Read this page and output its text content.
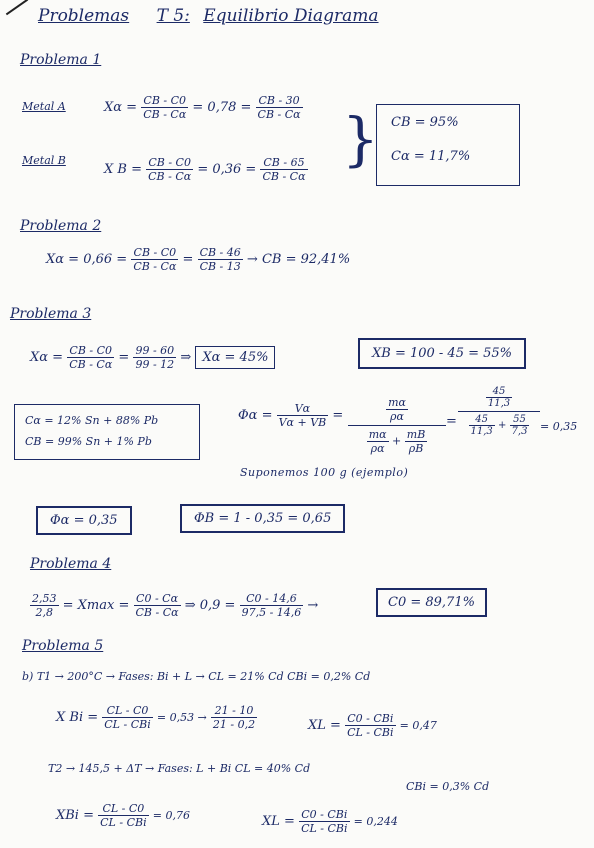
Problemas T 5: Equilibrio Diagrama
Problema 1
Metal A	$X\alpha = \frac{CB - C0}{CB - C\alpha} = 0,78 = \frac{CB - 30}{CB - C\alpha}$
Metal B
X $B = \frac{CB - C0}{CB - C\alpha} = 0,36 = \frac{CB - 65}{CB - C\alpha}$ } CB = 95%
Cα = 11,7%
Problema 2
$X\alpha = 0,66 = \frac{CB - C0}{CB - C\alpha} = \frac{CB - 46}{CB - 13}$ → CB = 92,41%
Problema 3
$X\alpha = \frac{CB - C0}{CB - C\alpha} = \frac{99 - 60}{99 - 12}$ ⇒ Xα = 45%	XB = 100 - 45 = 55%
Cα = 12% Sn + 88% Pb
CB = 99% Sn + 1% Pb
$\Phi\alpha = \frac{V\alpha}{V\alpha + VB}$ =	$\frac{m\alpha}{\rho\alpha}$
$\frac{m\alpha}{\rho\alpha} + \frac{mB}{\rho B}$
= $\frac{\frac{45}{11,3}}{\frac{45}{11,3} + \frac{55}{7,3}} = 0,35$
Suponemos 100 g (ejemplo)
Φα = 0,35	ΦB = 1 - 0,35 = 0,65
Problema 4
$\frac{2,53}{2,8} = Xmax = \frac{C0 - C\alpha}{CB - C\alpha}$ ⇒ $0,9 = \frac{C0 - 14,6}{97,5 - 14,6}$ →	C0 = 89,71%
Problema 5
b) T1 → 200°C → Fases: Bi + L → CL = 21% Cd CBi = 0,2% Cd
X $Bi = \frac{CL - C0}{\text{CL - CBi}} = 0,53 \to \frac{21 - 10}{21 - 0,2}$	XL = $\frac{\text{C0 - CBi}}{\text{CL - CBi}} = 0,47$
T2 → 145,5 + ΔT → Fases: L + Bi CL = 40% Cd
CBi = 0,3% Cd
XBi = $\frac{CL - C0}{\text{CL - CBi}} = 0,76$	XL = $\frac{\text{C0 - CBi}}{\text{CL - CBi}} = 0,244$
